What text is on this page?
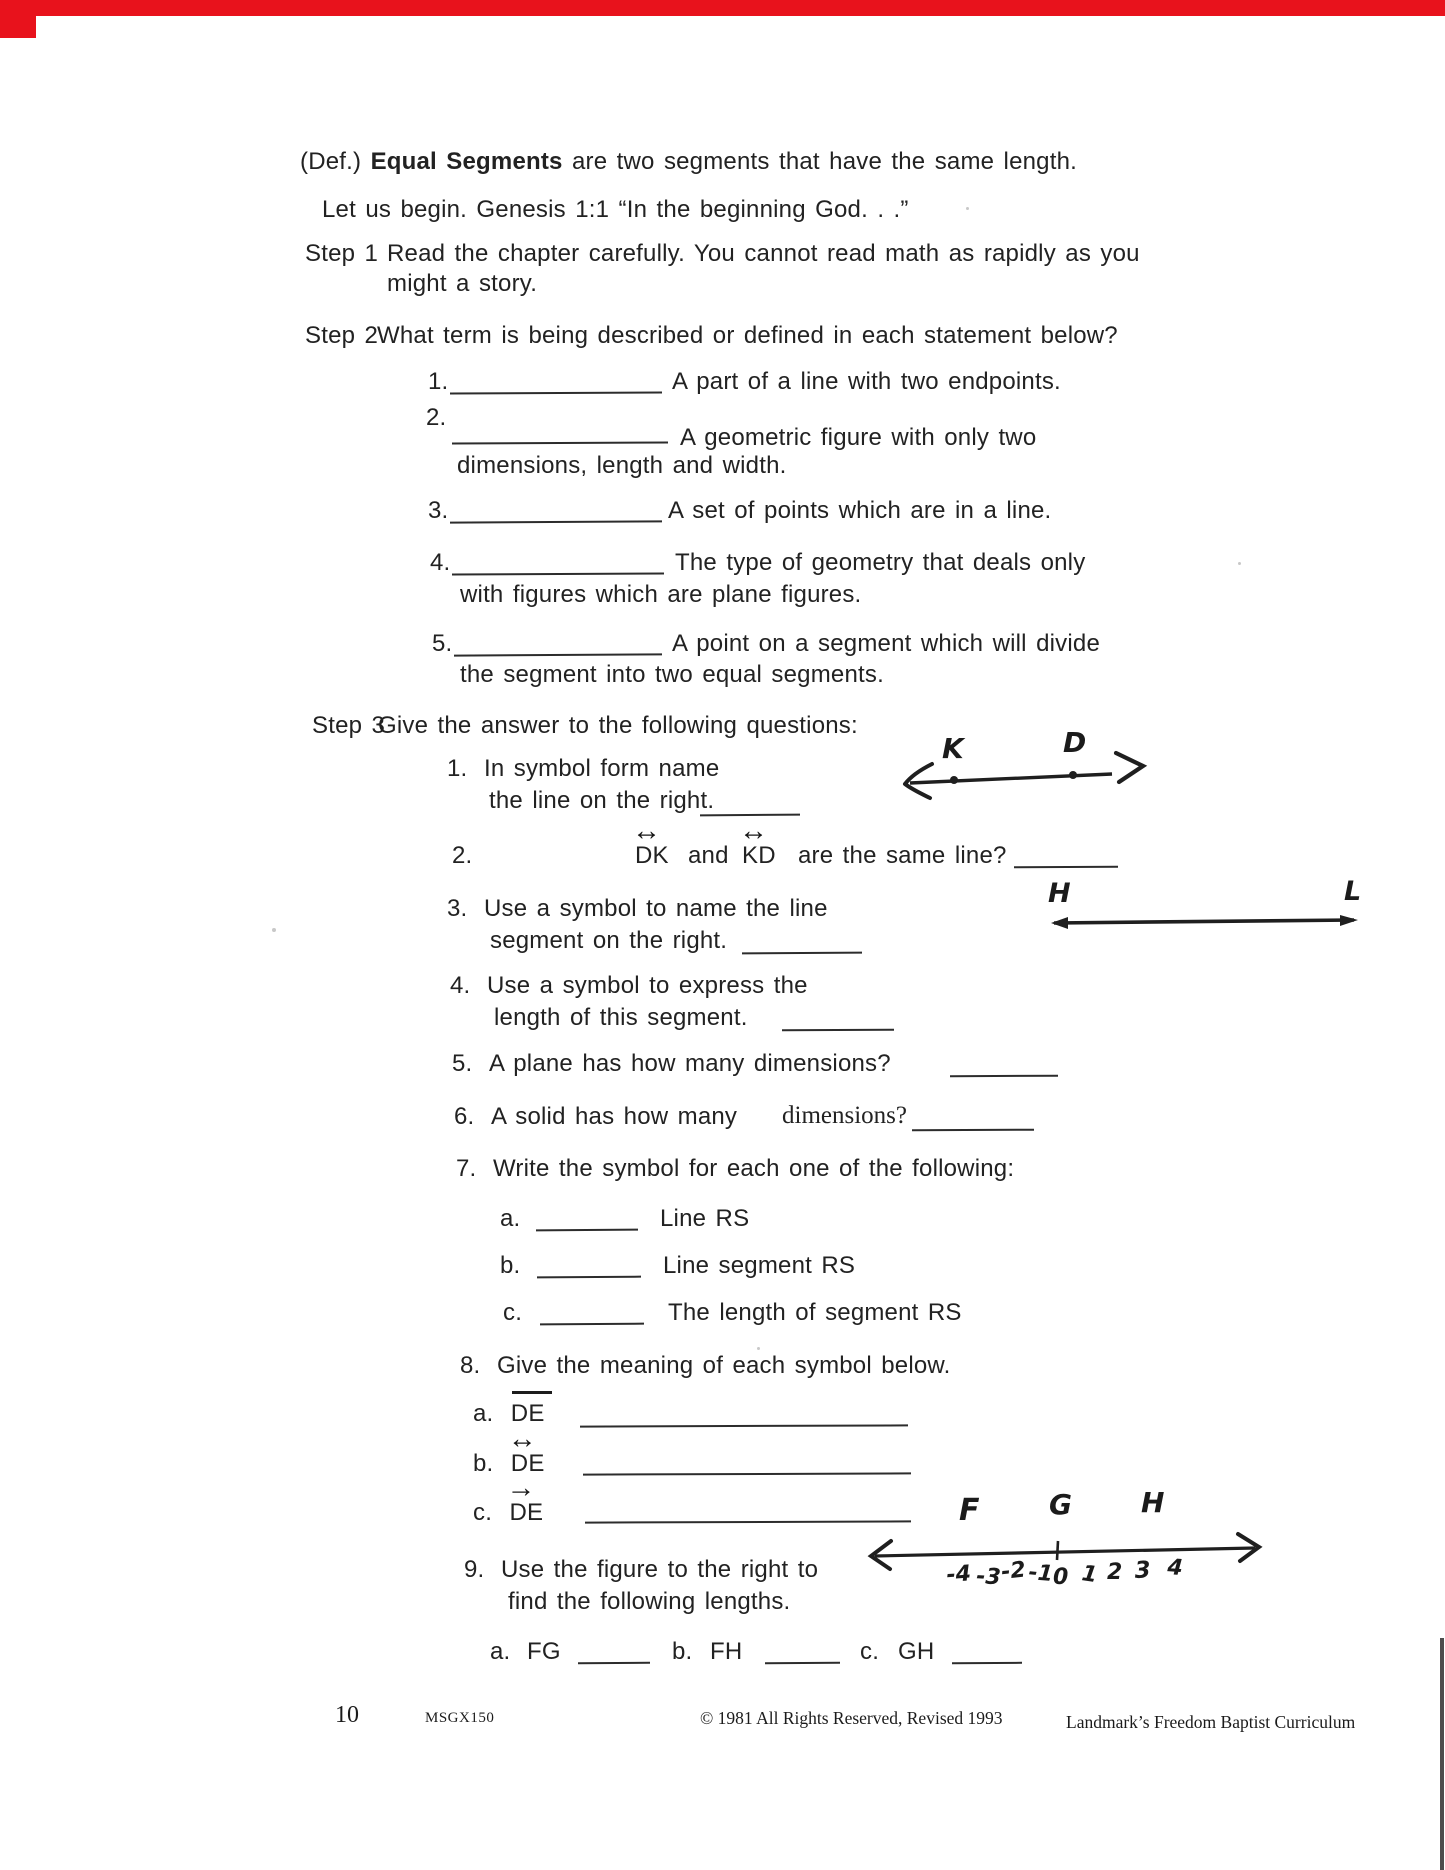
(Def.) Equal Segments are two segments that have the same length.
Let us begin. Genesis 1:1 “In the beginning God. . .”
Step 1 Read the chapter carefully. You cannot read math as rapidly as you
might a story.
Step 2
What term is being described or defined in each statement below?
1.	A part of a line with two endpoints.
2.
A geometric figure with only two
dimensions, length and width.
3.	A set of points which are in a line.
4.	The type of geometry that deals only
with figures which are plane figures.
5.	A point on a segment which will divide
the segment into two equal segments.
Step 3
Give the answer to the following questions:
1. In symbol form name
the line on the right.
K	D
2.
↔
DK and
↔
KD are the same line?
3. Use a symbol to name the line
segment on the right.
H	L
4. Use a symbol to express the
length of this segment.
5. A plane has how many dimensions?
6. A solid has how many dimensions?
7. Write the symbol for each one of the following:
a.	Line RS
b.	Line segment RS
c.	The length of segment RS
8. Give the meaning of each symbol below.
a. DE
b.
↔
DE
c.
→
DE
9. Use the figure to the right to
find the following lengths.
F G H
-4 -3
-2 -1
0 1 2 3 4
a. FG	b. FH	c. GH
10	MSGX150	© 1981 All Rights Reserved, Revised 1993	Landmark’s Freedom Baptist Curriculum
